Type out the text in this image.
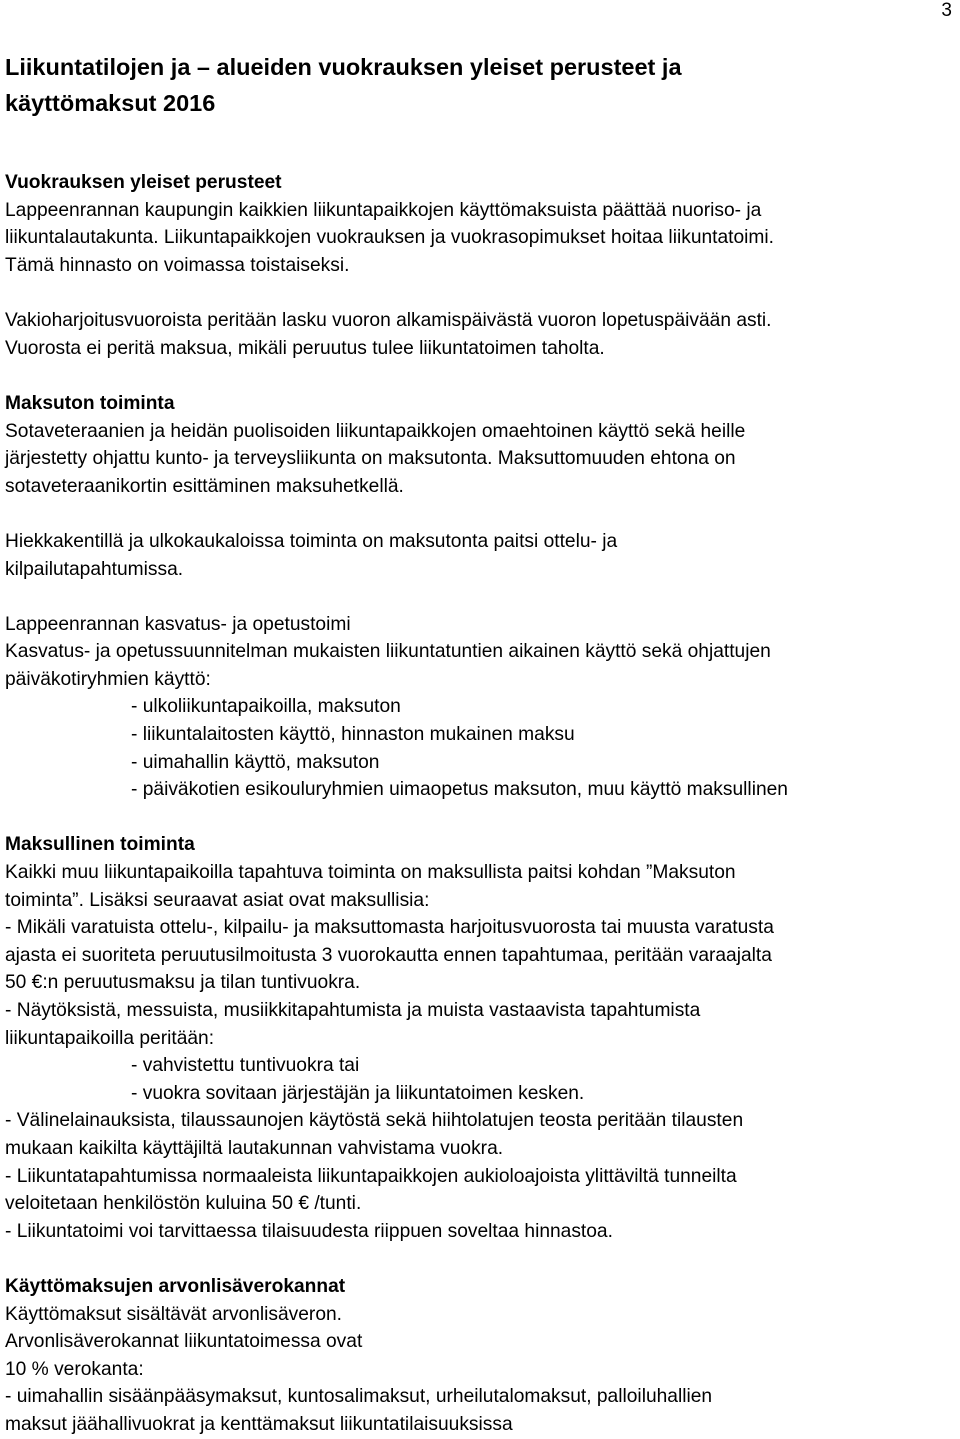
3
Liikuntatilojen ja – alueiden vuokrauksen yleiset perusteet ja
käyttömaksut 2016
Vuokrauksen yleiset perusteet
Lappeenrannan kaupungin kaikkien liikuntapaikkojen käyttömaksuista päättää nuoriso- ja
liikuntalautakunta. Liikuntapaikkojen vuokrauksen ja vuokrasopimukset hoitaa liikuntatoimi.
Tämä hinnasto on voimassa toistaiseksi.
Vakioharjoitusvuoroista peritään lasku vuoron alkamispäivästä vuoron lopetuspäivään asti.
Vuorosta ei peritä maksua, mikäli peruutus tulee liikuntatoimen taholta.
Maksuton toiminta
Sotaveteraanien ja heidän puolisoiden liikuntapaikkojen omaehtoinen käyttö sekä heille
järjestetty ohjattu kunto- ja terveysliikunta on maksutonta. Maksuttomuuden ehtona on
sotaveteraanikortin esittäminen maksuhetkellä.
Hiekkakentillä ja ulkokaukaloissa toiminta on maksutonta paitsi ottelu- ja
kilpailutapahtumissa.
Lappeenrannan kasvatus- ja opetustoimi
Kasvatus- ja opetussuunnitelman mukaisten liikuntatuntien aikainen käyttö sekä ohjattujen
päiväkotiryhmien käyttö:
- ulkoliikuntapaikoilla, maksuton
- liikuntalaitosten käyttö, hinnaston mukainen maksu
- uimahallin käyttö, maksuton
- päiväkotien esikouluryhmien uimaopetus maksuton, muu käyttö maksullinen
Maksullinen toiminta
Kaikki muu liikuntapaikoilla tapahtuva toiminta on maksullista paitsi kohdan ”Maksuton
toiminta”. Lisäksi seuraavat asiat ovat maksullisia:
- Mikäli varatuista ottelu-, kilpailu- ja maksuttomasta harjoitusvuorosta tai muusta varatusta
ajasta ei suoriteta peruutusilmoitusta 3 vuorokautta ennen tapahtumaa, peritään varaajalta
50 €:n peruutusmaksu ja tilan tuntivuokra.
- Näytöksistä, messuista, musiikkitapahtumista ja muista vastaavista tapahtumista
liikuntapaikoilla peritään:
- vahvistettu tuntivuokra tai
- vuokra sovitaan järjestäjän ja liikuntatoimen kesken.
- Välinelainauksista, tilaussaunojen käytöstä sekä hiihtolatujen teosta peritään tilausten
mukaan kaikilta käyttäjiltä lautakunnan vahvistama vuokra.
- Liikuntatapahtumissa normaaleista liikuntapaikkojen aukioloajoista ylittäviltä tunneilta
veloitetaan henkilöstön kuluina 50 € /tunti.
- Liikuntatoimi voi tarvittaessa tilaisuudesta riippuen soveltaa hinnastoa.
Käyttömaksujen arvonlisäverokannat
Käyttömaksut sisältävät arvonlisäveron.
Arvonlisäverokannat liikuntatoimessa ovat
10 % verokanta:
- uimahallin sisäänpääsymaksut, kuntosalimaksut, urheilutalomaksut, palloiluhallien
maksut jäähallivuokrat ja kenttämaksut liikuntatilaisuuksissa
